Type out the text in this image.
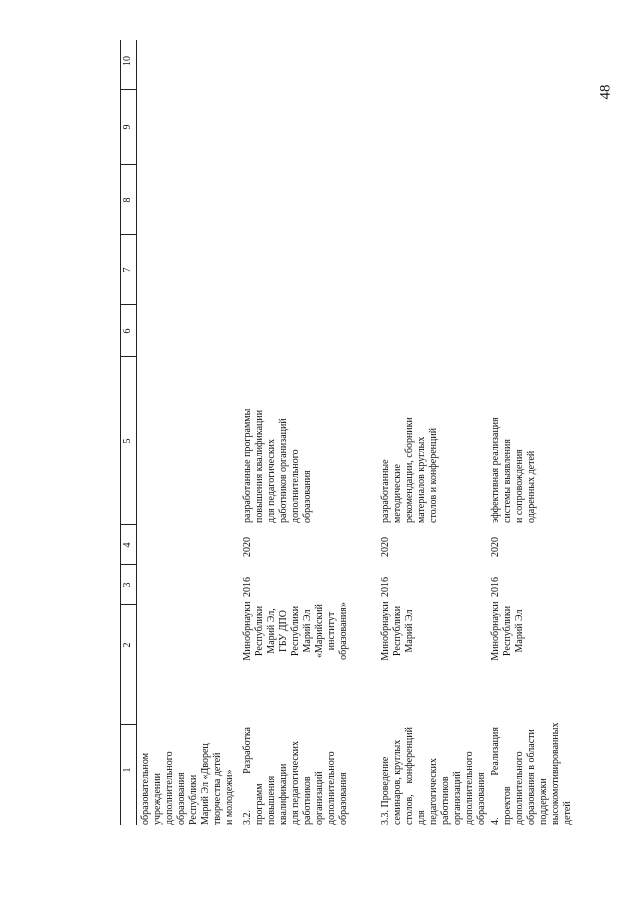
48
1
2
3
4
5
6
7
8
9
10
образовательном учреждении дополнительного образования Республики Марий Эл «Дворец творчества детей и молодежи» 3.2. Разработка программ повышения квалификации для педагогических работников организаций дополнительного образования
Минобрнауки Республики Марий Эл, ГБУ ДПО Республики Марий Эл «Марийский институт образования»
2016
2020
разработанные программы повышения квалификации для педагогических работников организаций дополнительного образования
3.3. Проведение семинаров, круглых столов, конференций для педагогических работников организаций дополнительного образования
Минобрнауки Республики Марий Эл
2016
2020
разработанные методические рекомендации, сборники материалов круглых столов и конференций
4. Реализация проектов дополнительного образования в области поддержки высокомотивированных детей
Минобрнауки Республики Марий Эл
2016
2020
эффективная реализация системы выявления и сопровождения одаренных детей
